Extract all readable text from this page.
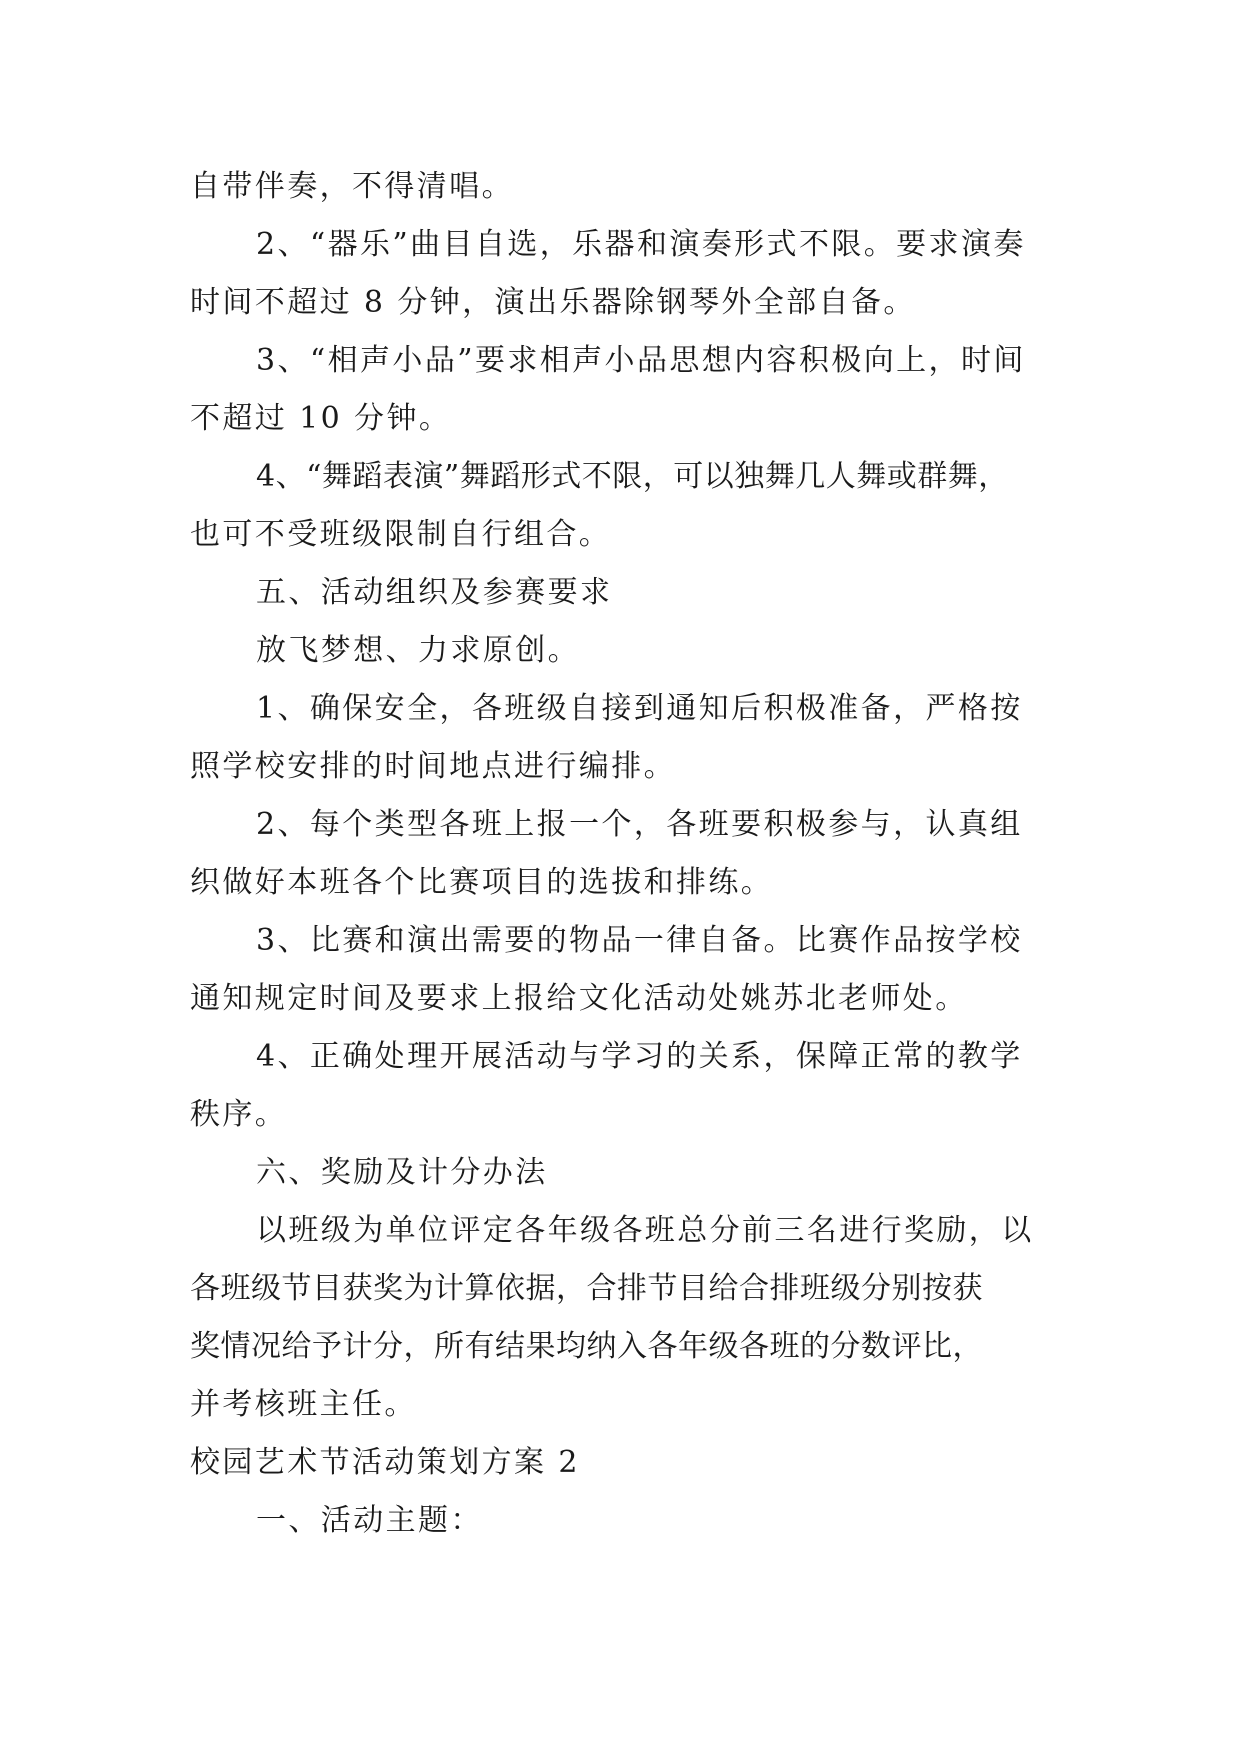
自带伴奏，不得清唱。
2、“器乐”曲目自选，乐器和演奏形式不限。要求演奏
时间不超过 8 分钟，演出乐器除钢琴外全部自备。
3、“相声小品”要求相声小品思想内容积极向上，时间
不超过 10 分钟。
4、“舞蹈表演”舞蹈形式不限，可以独舞几人舞或群舞，
也可不受班级限制自行组合。
五、活动组织及参赛要求
放飞梦想、力求原创。
1、确保安全，各班级自接到通知后积极准备，严格按
照学校安排的时间地点进行编排。
2、每个类型各班上报一个，各班要积极参与，认真组
织做好本班各个比赛项目的选拔和排练。
3、比赛和演出需要的物品一律自备。比赛作品按学校
通知规定时间及要求上报给文化活动处姚苏北老师处。
4、正确处理开展活动与学习的关系，保障正常的教学
秩序。
六、奖励及计分办法
以班级为单位评定各年级各班总分前三名进行奖励，以
各班级节目获奖为计算依据，合排节目给合排班级分别按获
奖情况给予计分，所有结果均纳入各年级各班的分数评比，
并考核班主任。
校园艺术节活动策划方案 2
一、活动主题：
